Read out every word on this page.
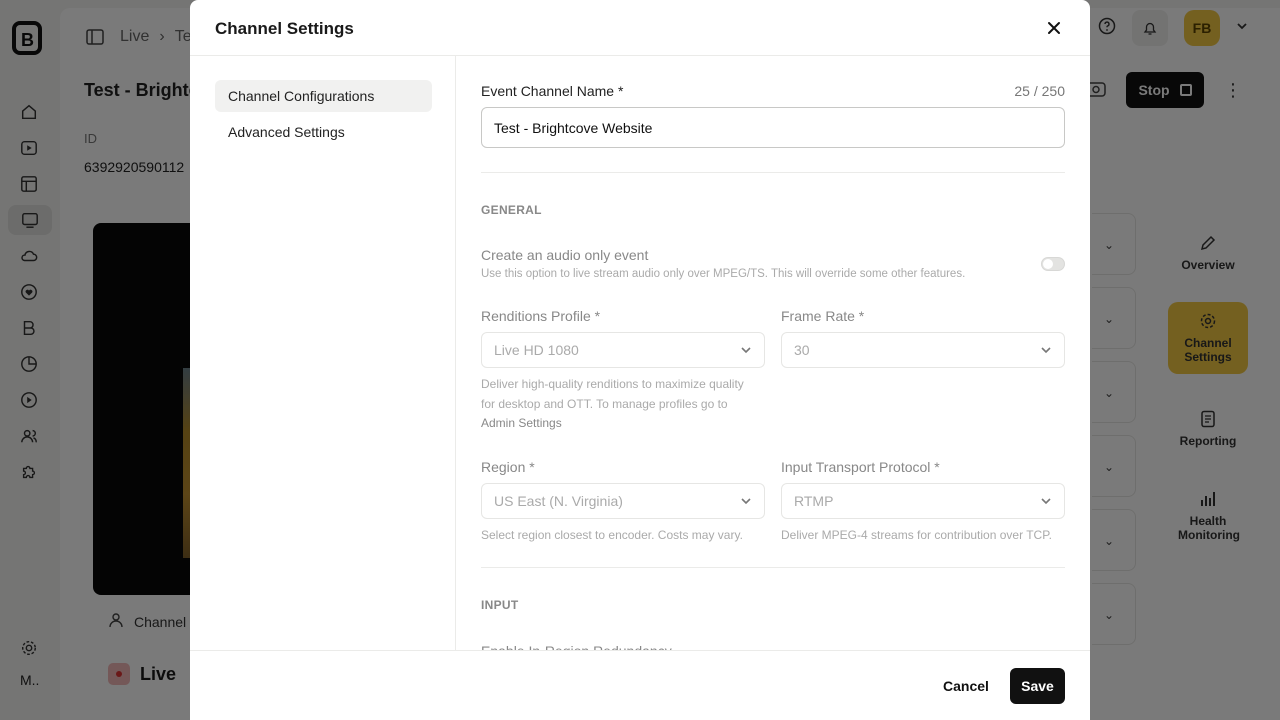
Channel Settings
Channel Configurations
Advanced Settings
Event Channel Name *	25 / 250
Test - Brightcove Website
GENERAL
Create an audio only event
Use this option to live stream audio only over MPEG/TS. This will override some other features.
Renditions Profile *
Live HD 1080
Deliver high-quality renditions to maximize quality
for desktop and OTT. To manage profiles go to
Admin Settings
Frame Rate *
30
Region *
US East (N. Virginia)
Select region closest to encoder. Costs may vary.
Input Transport Protocol *
RTMP
Deliver MPEG-4 streams for contribution over TCP.
INPUT
Cancel	Save
